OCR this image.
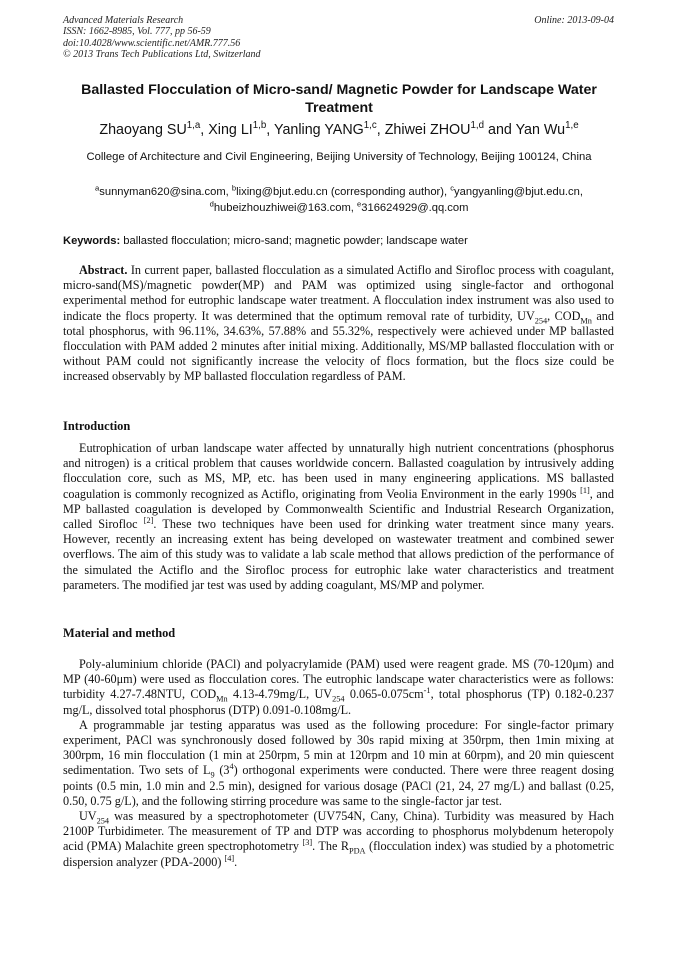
Advanced Materials Research
ISSN: 1662-8985, Vol. 777, pp 56-59
doi:10.4028/www.scientific.net/AMR.777.56
© 2013 Trans Tech Publications Ltd, Switzerland
Online: 2013-09-04
Ballasted Flocculation of Micro-sand/ Magnetic Powder for Landscape Water Treatment
Zhaoyang SU$^{1,a}$, Xing LI$^{1,b}$, Yanling YANG$^{1,c}$, Zhiwei ZHOU$^{1,d}$ and Yan Wu$^{1,e}$
College of Architecture and Civil Engineering, Beijing University of Technology, Beijing 100124, China
$^a$sunnyman620@sina.com, $^b$lixing@bjut.edu.cn (corresponding author), $^c$yangyanling@bjut.edu.cn,
$^d$hubeizhouzhiwei@163.com, $^e$316624929@.qq.com
Keywords: ballasted flocculation; micro-sand; magnetic powder; landscape water

Abstract. In current paper, ballasted flocculation as a simulated Actiflo and Sirofloc process with coagulant, micro-sand(MS)/magnetic powder(MP) and PAM was optimized using single-factor and orthogonal experimental method for eutrophic landscape water treatment. A flocculation index instrument was also used to indicate the flocs property. It was determined that the optimum removal rate of turbidity, $UV_{254}$, $COD_{Mn}$ and total phosphorus, with 96.11%, 34.63%, 57.88% and 55.32%, respectively were achieved under MP ballasted flocculation with PAM added 2 minutes after initial mixing. Additionally, MS/MP ballasted flocculation with or without PAM could not significantly increase the velocity of flocs formation, but the flocs size could be increased observably by MP ballasted flocculation regardless of PAM.

Introduction

Eutrophication of urban landscape water affected by unnaturally high nutrient concentrations (phosphorus and nitrogen) is a critical problem that causes worldwide concern. Ballasted coagulation by intrusively adding flocculation core, such as MS, MP, etc. has been used in many engineering applications. MS ballasted coagulation is commonly recognized as Actiflo, originating from Veolia Environment in the early 1990s [1], and MP ballasted coagulation is developed by Commonwealth Scientific and Industrial Research Organization, called Sirofloc [2]. These two techniques have been used for drinking water treatment since many years. However, recently an increasing extent has being developed on wastewater treatment and combined sewer overflows. The aim of this study was to validate a lab scale method that allows prediction of the performance of the simulated the Actiflo and the Sirofloc process for eutrophic lake water characteristics and treatment parameters. The modified jar test was used by adding coagulant, MS/MP and polymer.

Material and method

Poly-aluminium chloride (PACl) and polyacrylamide (PAM) used were reagent grade. MS (70-120μm) and MP (40-60μm) were used as flocculation cores. The eutrophic landscape water characteristics were as follows: turbidity 4.27-7.48NTU, $COD_{Mn}$ 4.13-4.79mg/L, $UV_{254}$ $0.065-0.075cm^{-1}$, total phosphorus (TP) 0.182-0.237 mg/L, dissolved total phosphorus (DTP) 0.091-0.108mg/L.

A programmable jar testing apparatus was used as the following procedure: For single-factor primary experiment, PACl was synchronously dosed followed by 30s rapid mixing at 350rpm, then 1min mixing at 300rpm, 16 min flocculation (1 min at 250rpm, 5 min at 120rpm and 10 min at 60rpm), and 20 min quiescent sedimentation. Two sets of $L_9$ $(3^4)$ orthogonal experiments were conducted. There were three reagent dosing points (0.5 min, 1.0 min and 2.5 min), designed for various dosage (PACl (21, 24, 27 mg/L) and ballast (0.25, 0.50, 0.75 g/L), and the following stirring procedure was same to the single-factor jar test.

$UV_{254}$ was measured by a spectrophotometer (UV754N, Cany, China). Turbidity was measured by Hach 2100P Turbidimeter. The measurement of TP and DTP was according to phosphorus molybdenum heteropoly acid (PMA) Malachite green spectrophotometry [3]. The $R_{PDA}$ (flocculation index) was studied by a photometric dispersion analyzer (PDA-2000) [4].
